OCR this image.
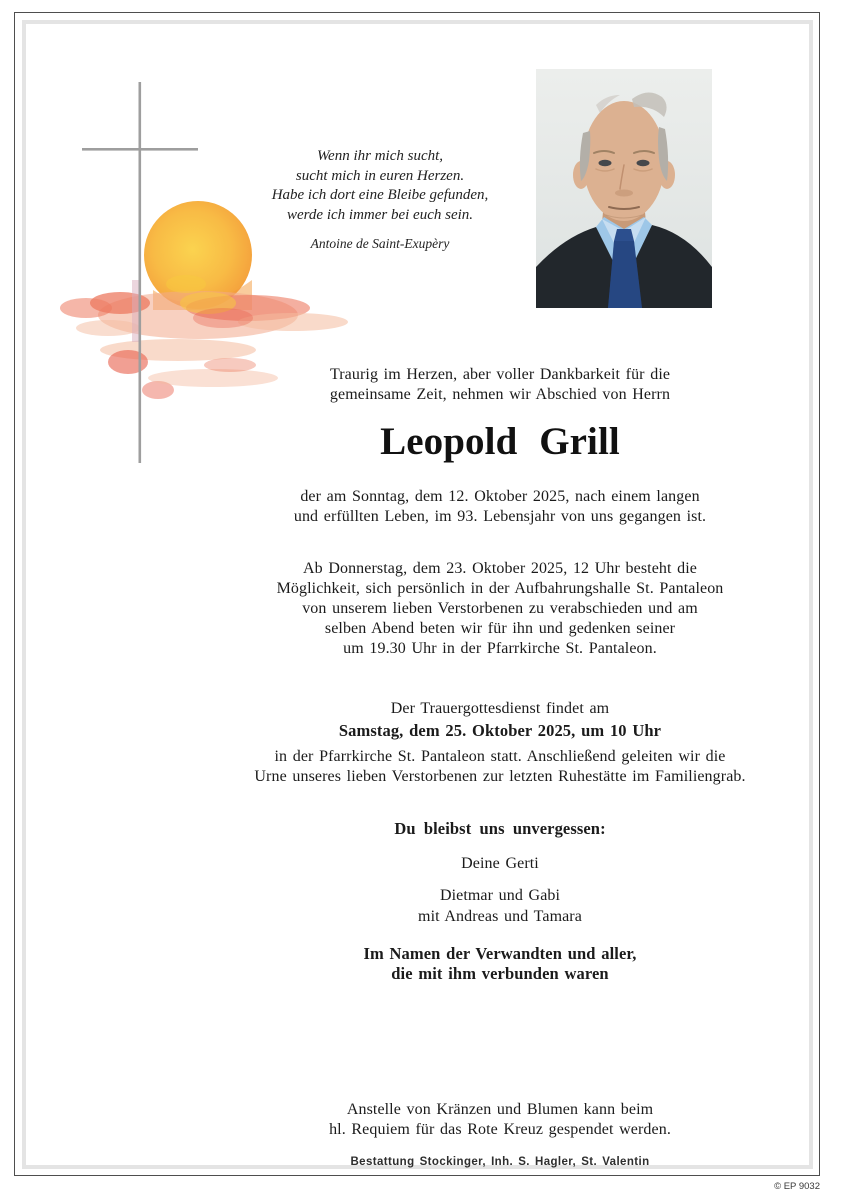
Wenn ihr mich sucht,
sucht mich in euren Herzen.
Habe ich dort eine Bleibe gefunden,
werde ich immer bei euch sein.
Antoine de Saint-Exupèry
Traurig im Herzen, aber voller Dankbarkeit für die
gemeinsame Zeit, nehmen wir Abschied von Herrn
Leopold Grill
der am Sonntag, dem 12. Oktober 2025, nach einem langen
und erfüllten Leben, im 93. Lebensjahr von uns gegangen ist.
Ab Donnerstag, dem 23. Oktober 2025, 12 Uhr besteht die
Möglichkeit, sich persönlich in der Aufbahrungshalle St. Pantaleon
von unserem lieben Verstorbenen zu verabschieden und am
selben Abend beten wir für ihn und gedenken seiner
um 19.30 Uhr in der Pfarrkirche St. Pantaleon.
Der Trauergottesdienst findet am
Samstag, dem 25. Oktober 2025, um 10 Uhr
in der Pfarrkirche St. Pantaleon statt. Anschließend geleiten wir die
Urne unseres lieben Verstorbenen zur letzten Ruhestätte im Familiengrab.
Du bleibst uns unvergessen:
Deine Gerti
Dietmar und Gabi
mit Andreas und Tamara
Im Namen der Verwandten und aller,
die mit ihm verbunden waren
Anstelle von Kränzen und Blumen kann beim
hl. Requiem für das Rote Kreuz gespendet werden.
Bestattung Stockinger, Inh. S. Hagler, St. Valentin
© EP 9032
